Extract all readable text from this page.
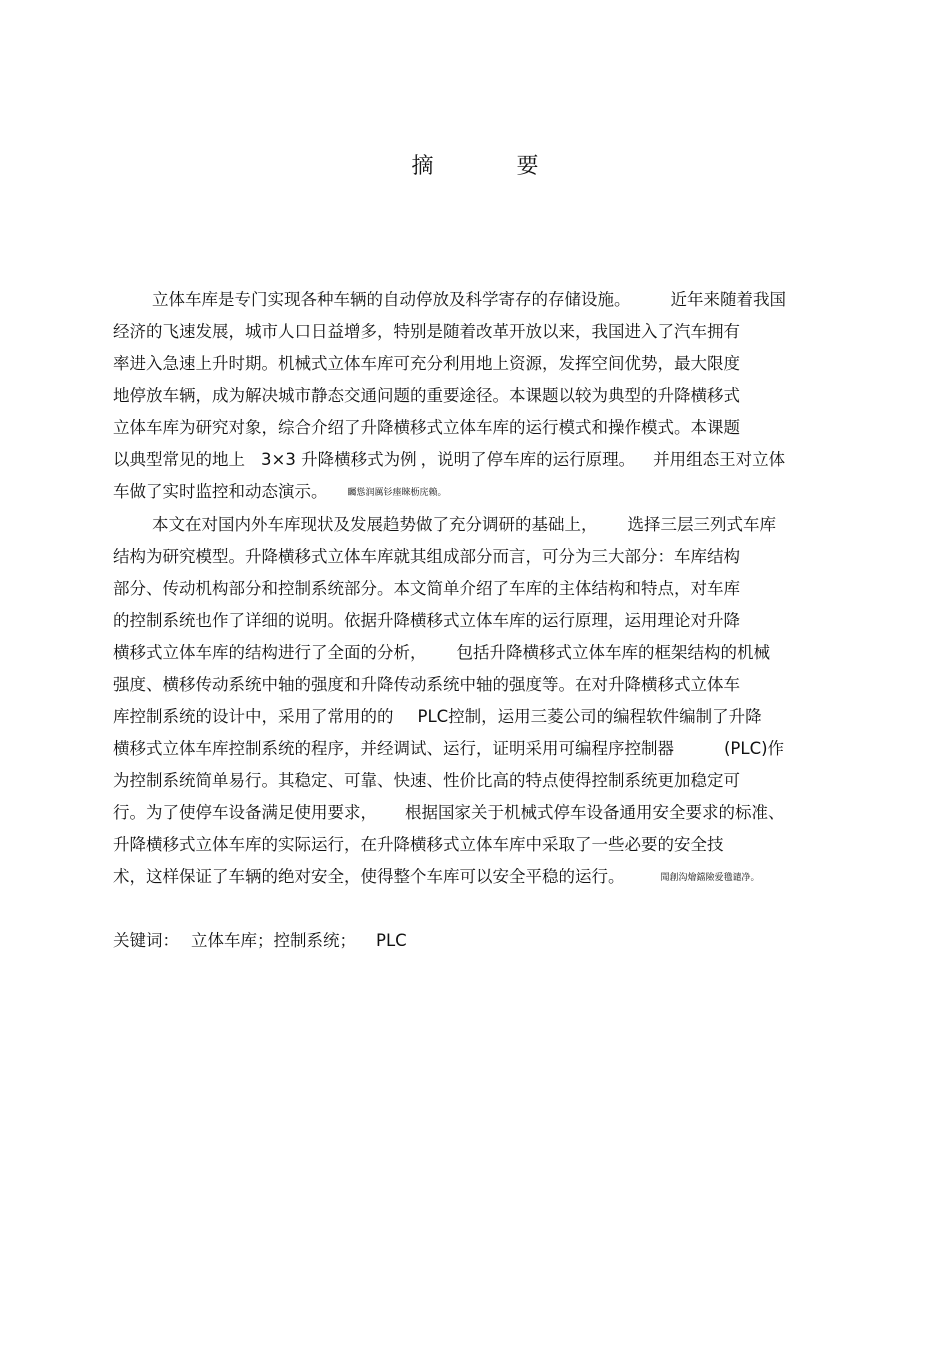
摘 要
立体车库是专门实现各种车辆的自动停放及科学寄存的存储设施。 近年来随着我国
经济的飞速发展，城市人口日益增多，特别是随着改革开放以来，我国进入了汽车拥有
率进入急速上升时期。机械式立体车库可充分利用地上资源，发挥空间优势，最大限度
地停放车辆，成为解决城市静态交通问题的重要途径。本课题以较为典型的升降横移式
立体车库为研究对象，综合介绍了升降横移式立体车库的运行模式和操作模式。本课题
以典型常见的地上 3×3 升降横移式为例 ，说明了停车库的运行原理。 并用组态王对立体
车做了实时监控和动态演示。 矚慫润厲钐瘗睞枥庑赖。
本文在对国内外车库现状及发展趋势做了充分调研的基础上， 选择三层三列式车库
结构为研究模型。升降横移式立体车库就其组成部分而言，可分为三大部分：车库结构
部分、传动机构部分和控制系统部分。本文简单介绍了车库的主体结构和特点，对车库
的控制系统也作了详细的说明。依据升降横移式立体车库的运行原理，运用理论对升降
横移式立体车库的结构进行了全面的分析， 包括升降横移式立体车库的框架结构的机械
强度、横移传动系统中轴的强度和升降传动系统中轴的强度等。在对升降横移式立体车
库控制系统的设计中，采用了常用的的 PLC控制，运用三菱公司的编程软件编制了升降
横移式立体车库控制系统的程序，并经调试、运行，证明采用可编程序控制器	(PLC)作
为控制系统简单易行。其稳定、可靠、快速、性价比高的特点使得控制系统更加稳定可
行。为了使停车设备满足使用要求， 根据国家关于机械式停车设备通用安全要求的标准、
升降横移式立体车库的实际运行，在升降横移式立体车库中采取了一些必要的安全技
术，这样保证了车辆的绝对安全，使得整个车库可以安全平稳的运行。	聞創沟燴鐺險爱氇谴净。
关键词： 立体车库；控制系统； PLC
